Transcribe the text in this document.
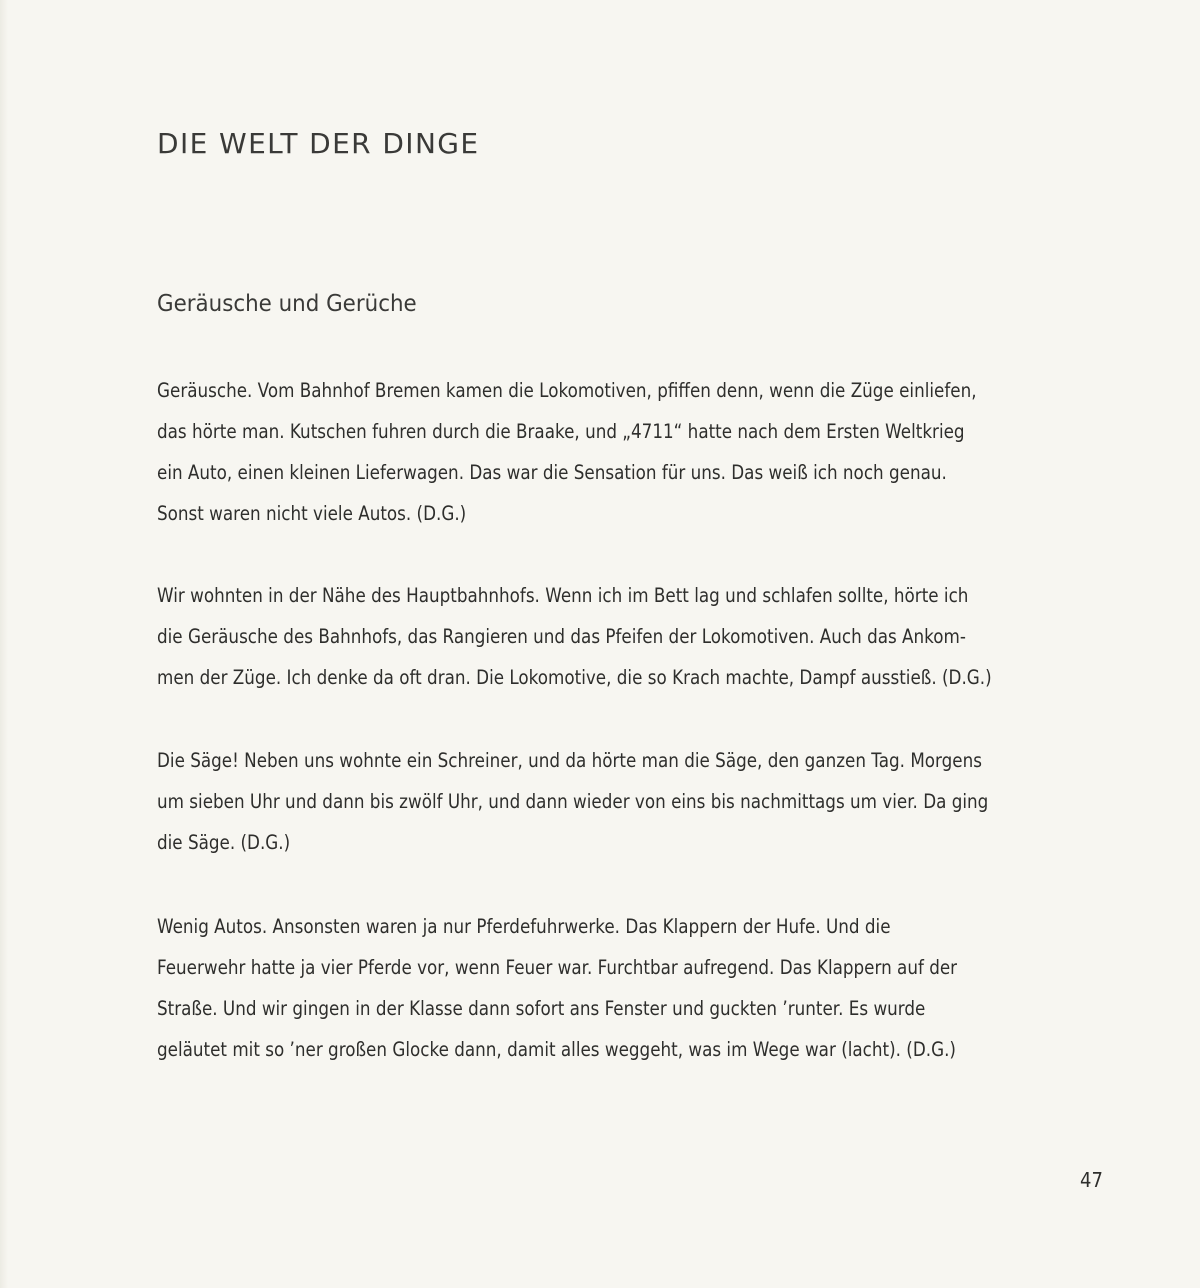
DIE WELT DER DINGE
Geräusche und Gerüche
Geräusche. Vom Bahnhof Bremen kamen die Lokomotiven, pfiffen denn, wenn die Züge einliefen,
das hörte man. Kutschen fuhren durch die Braake, und „4711“ hatte nach dem Ersten Weltkrieg
ein Auto, einen kleinen Lieferwagen. Das war die Sensation für uns. Das weiß ich noch genau.
Sonst waren nicht viele Autos. (D.G.)
Wir wohnten in der Nähe des Hauptbahnhofs. Wenn ich im Bett lag und schlafen sollte, hörte ich
die Geräusche des Bahnhofs, das Rangieren und das Pfeifen der Lokomotiven. Auch das Ankom-
men der Züge. Ich denke da oft dran. Die Lokomotive, die so Krach machte, Dampf ausstieß. (D.G.)
Die Säge! Neben uns wohnte ein Schreiner, und da hörte man die Säge, den ganzen Tag. Morgens
um sieben Uhr und dann bis zwölf Uhr, und dann wieder von eins bis nachmittags um vier. Da ging
die Säge. (D.G.)
Wenig Autos. Ansonsten waren ja nur Pferdefuhrwerke. Das Klappern der Hufe. Und die
Feuerwehr hatte ja vier Pferde vor, wenn Feuer war. Furchtbar aufregend. Das Klappern auf der
Straße. Und wir gingen in der Klasse dann sofort ans Fenster und guckten ’runter. Es wurde
geläutet mit so ’ner großen Glocke dann, damit alles weggeht, was im Wege war (lacht). (D.G.)
47
